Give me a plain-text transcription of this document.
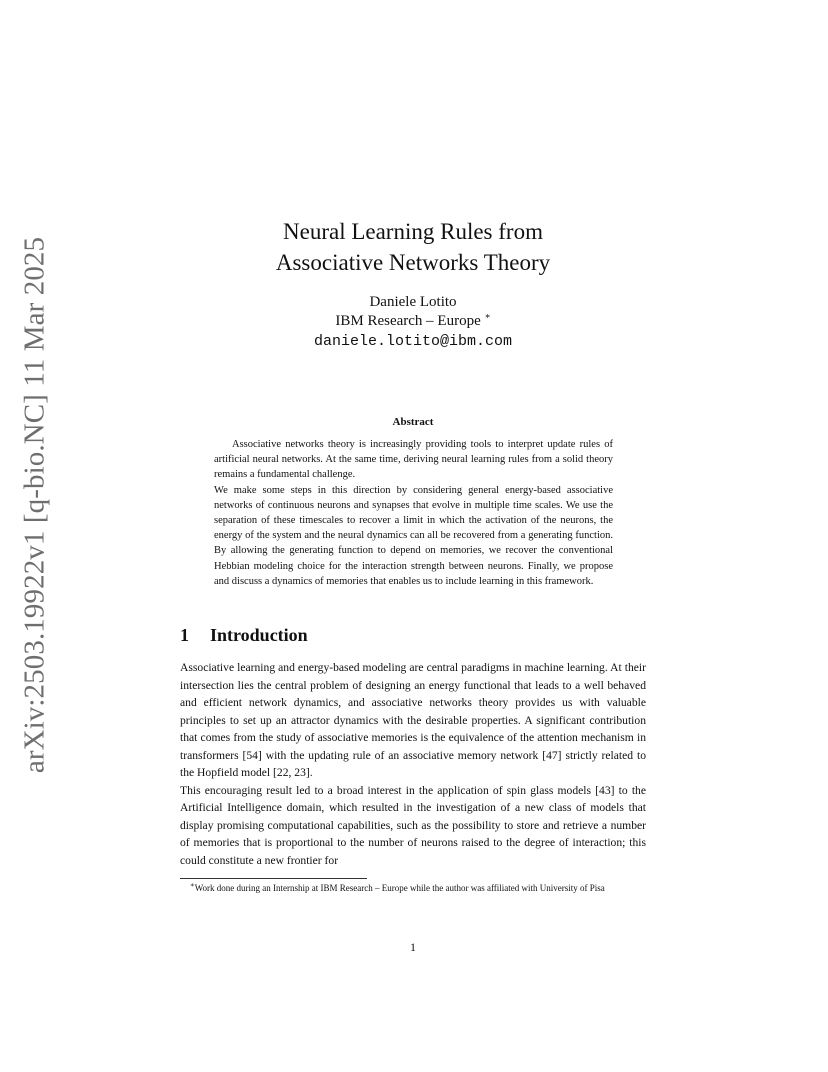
arXiv:2503.19922v1 [q-bio.NC] 11 Mar 2025
Neural Learning Rules from
Associative Networks Theory
Daniele Lotito
IBM Research – Europe ∗
daniele.lotito@ibm.com
Abstract

Associative networks theory is increasingly providing tools to interpret update rules of artificial neural networks. At the same time, deriving neural learning rules from a solid theory remains a fundamental challenge.

We make some steps in this direction by considering general energy-based associative networks of continuous neurons and synapses that evolve in multiple time scales. We use the separation of these timescales to recover a limit in which the activation of the neurons, the energy of the system and the neural dynamics can all be recovered from a generating function. By allowing the generating function to depend on memories, we recover the conventional Hebbian modeling choice for the interaction strength between neurons. Finally, we propose and discuss a dynamics of memories that enables us to include learning in this framework.

1 Introduction

Associative learning and energy-based modeling are central paradigms in machine learning. At their intersection lies the central problem of designing an energy functional that leads to a well behaved and efficient network dynamics, and associative networks theory provides us with valuable principles to set up an attractor dynamics with the desirable properties. A significant contribution that comes from the study of associative memories is the equivalence of the attention mechanism in transformers [54] with the updating rule of an associative memory network [47] strictly related to the Hopfield model [22, 23].

This encouraging result led to a broad interest in the application of spin glass models [43] to the Artificial Intelligence domain, which resulted in the investigation of a new class of models that display promising computational capabilities, such as the possibility to store and retrieve a number of memories that is proportional to the number of neurons raised to the degree of interaction; this could constitute a new frontier for

∗Work done during an Internship at IBM Research – Europe while the author was affiliated with University of Pisa
1
